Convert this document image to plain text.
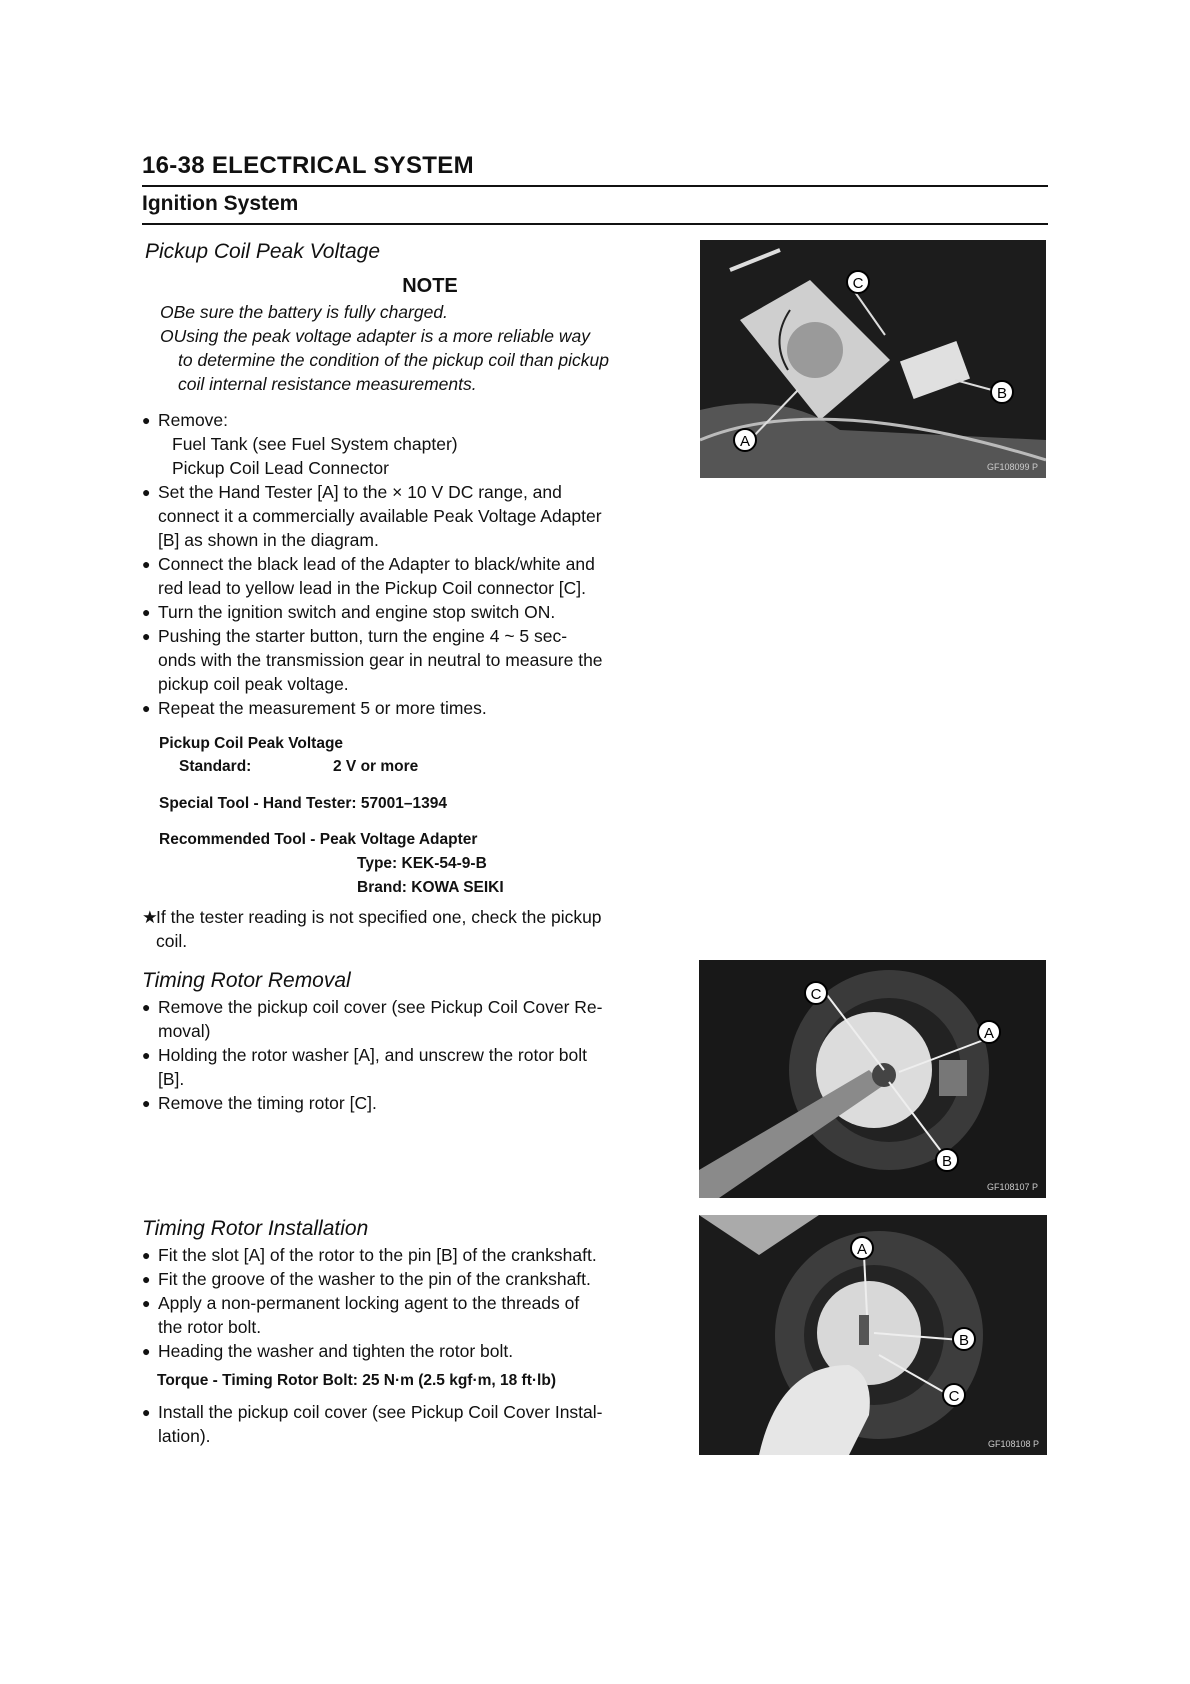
16-38 ELECTRICAL SYSTEM
Ignition System
Pickup Coil Peak Voltage
NOTE
OBe sure the battery is fully charged.
OUsing the peak voltage adapter is a more reliable way
to determine the condition of the pickup coil than pickup
coil internal resistance measurements.
● Remove:
Fuel Tank (see Fuel System chapter)
Pickup Coil Lead Connector
● Set the Hand Tester [A] to the × 10 V DC range, and
connect it a commercially available Peak Voltage Adapter
[B] as shown in the diagram.
● Connect the black lead of the Adapter to black/white and
red lead to yellow lead in the Pickup Coil connector [C].
● Turn the ignition switch and engine stop switch ON.
● Pushing the starter button, turn the engine 4 ~ 5 sec-
onds with the transmission gear in neutral to measure the
pickup coil peak voltage.
● Repeat the measurement 5 or more times.
Pickup Coil Peak Voltage
Standard:	2 V or more
Special Tool - Hand Tester: 57001–1394
Recommended Tool - Peak Voltage Adapter
Type: KEK-54-9-B
Brand: KOWA SEIKI
★
If the tester reading is not specified one, check the pickup
coil.
C
B
A
GF108099 P
Timing Rotor Removal
● Remove the pickup coil cover (see Pickup Coil Cover Re-
moval)
● Holding the rotor washer [A], and unscrew the rotor bolt
[B].
● Remove the timing rotor [C].
C
A
B
GF108107 P
Timing Rotor Installation
● Fit the slot [A] of the rotor to the pin [B] of the crankshaft.
● Fit the groove of the washer to the pin of the crankshaft.
● Apply a non-permanent locking agent to the threads of
the rotor bolt.
● Heading the washer and tighten the rotor bolt.
Torque - Timing Rotor Bolt: 25 N·m (2.5 kgf·m, 18 ft·lb)
● Install the pickup coil cover (see Pickup Coil Cover Instal-
lation).
A
B
C
GF108108 P
